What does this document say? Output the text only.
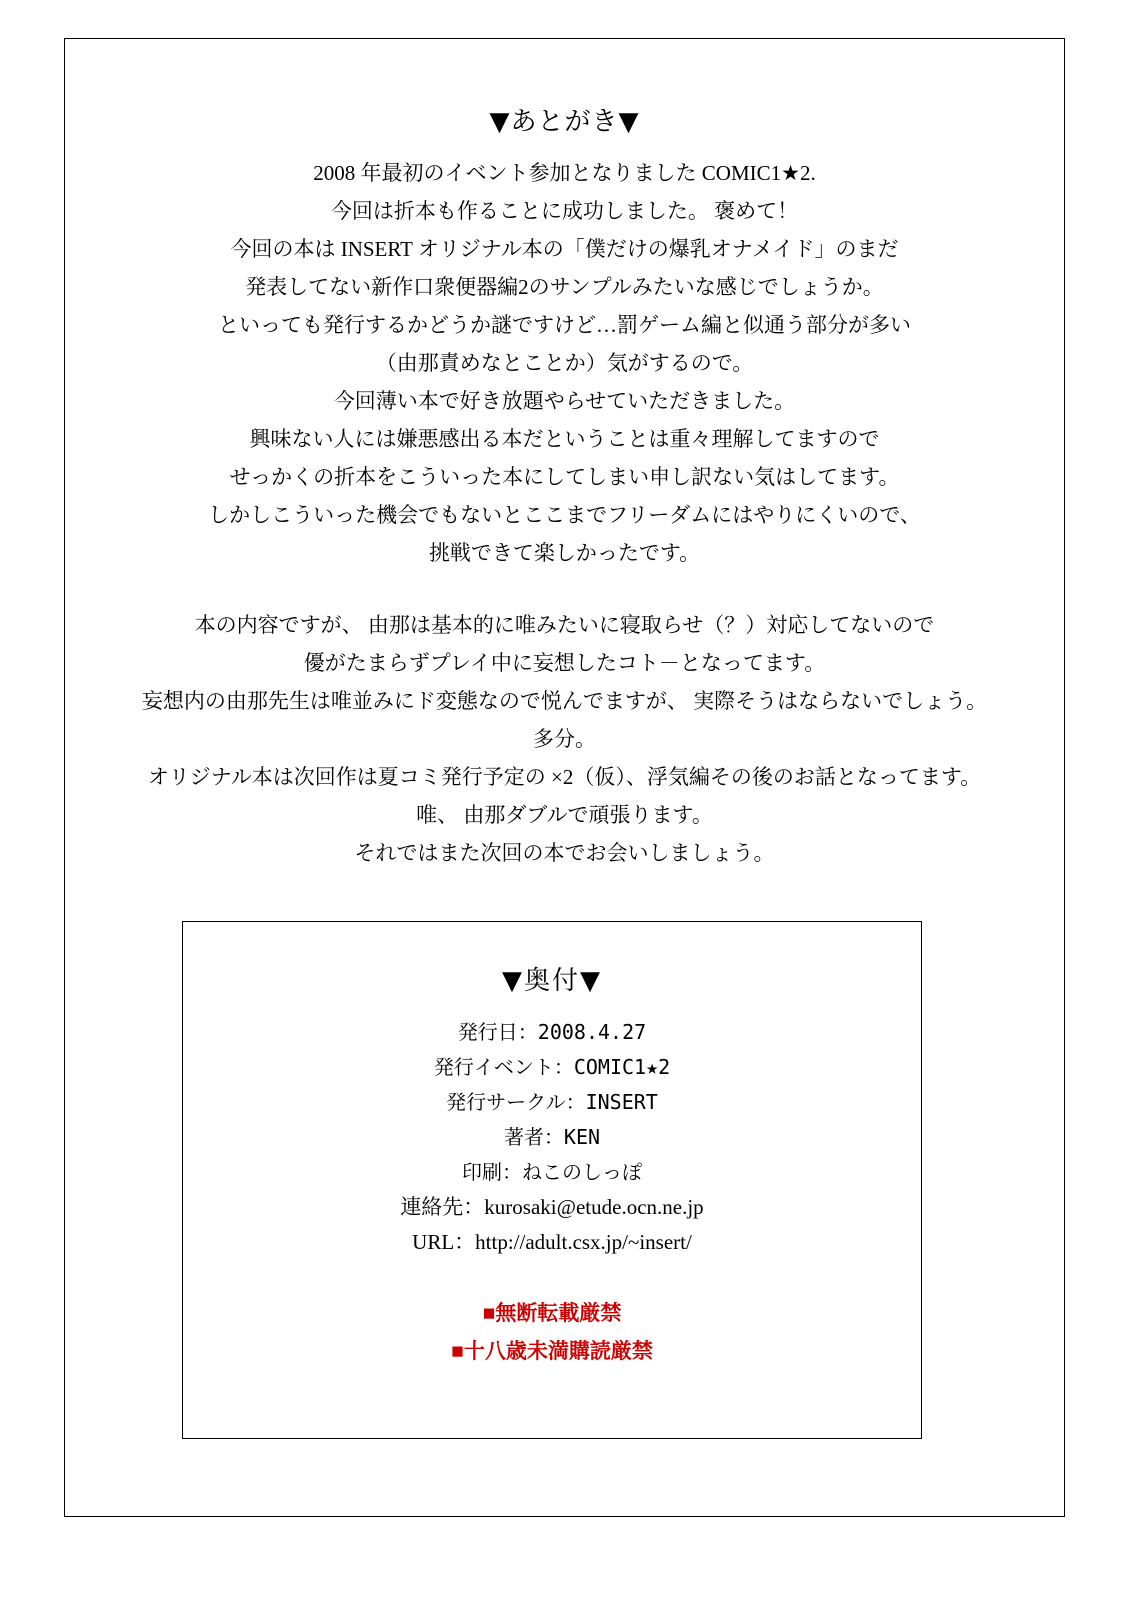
▼あとがき▼
2008 年最初のイベント参加となりました COMIC1★2.
今回は折本も作ることに成功しました。 褒めて！
今回の本は INSERT オリジナル本の「僕だけの爆乳オナメイド」のまだ
発表してない新作口衆便器編2のサンプルみたいな感じでしょうか。
といっても発行するかどうか謎ですけど…罰ゲーム編と似通う部分が多い
（由那責めなとことか）気がするので。
今回薄い本で好き放題やらせていただきました。
興味ない人には嫌悪感出る本だということは重々理解してますので
せっかくの折本をこういった本にしてしまい申し訳ない気はしてます。
しかしこういった機会でもないとここまでフリーダムにはやりにくいので、
挑戦できて楽しかったです。
本の内容ですが、 由那は基本的に唯みたいに寝取らせ（？）対応してないので
優がたまらずプレイ中に妄想したコト－となってます。
妄想内の由那先生は唯並みにド変態なので悦んでますが、 実際そうはならないでしょう。
多分。
オリジナル本は次回作は夏コミ発行予定の ×2（仮）、浮気編その後のお話となってます。
唯、 由那ダブルで頑張ります。
それではまた次回の本でお会いしましょう。
▼奥付▼
発行日：2008.4.27
発行イベント：COMIC1★2
発行サークル：INSERT
著者：KEN
印刷：ねこのしっぽ
連絡先：kurosaki@etude.ocn.ne.jp
URL：http://adult.csx.jp/~insert/
■無断転載厳禁
■十八歳未満購読厳禁
